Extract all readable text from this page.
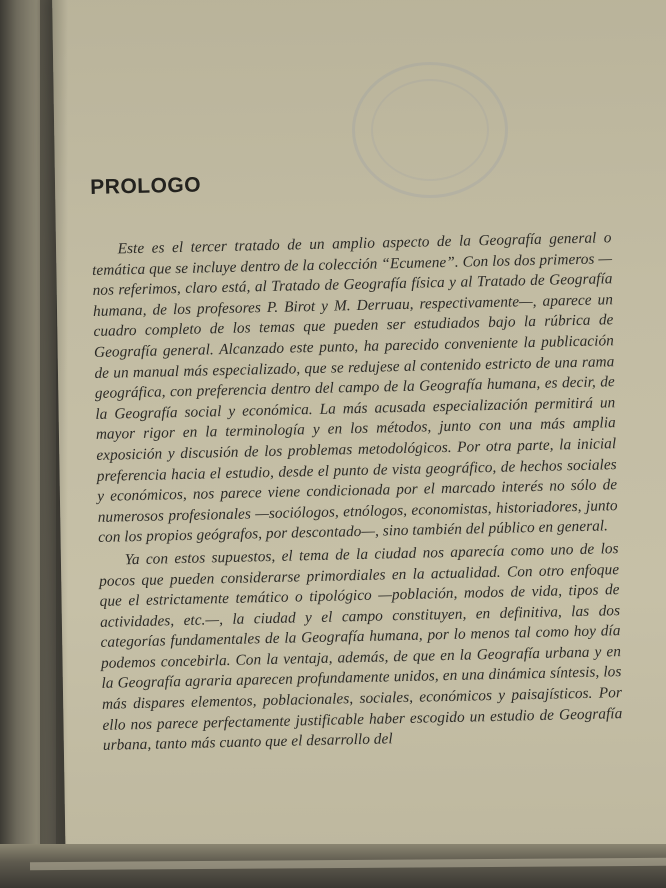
PROLOGO

Este es el tercer tratado de un amplio aspecto de la Geografía general o temática que se incluye dentro de la colección “Ecumene”. Con los dos primeros —nos referimos, claro está, al Tratado de Geografía física y al Tratado de Geografía humana, de los profesores P. Birot y M. Derruau, respectivamente—, aparece un cuadro completo de los temas que pueden ser estudiados bajo la rúbrica de Geografía general. Alcanzado este punto, ha parecido conveniente la publicación de un manual más especializado, que se redujese al contenido estricto de una rama geográfica, con preferencia dentro del campo de la Geografía humana, es decir, de la Geografía social y económica. La más acusada especialización permitirá un mayor rigor en la terminología y en los métodos, junto con una más amplia exposición y discusión de los problemas metodológicos. Por otra parte, la inicial preferencia hacia el estudio, desde el punto de vista geográfico, de hechos sociales y económicos, nos parece viene condicionada por el marcado interés no sólo de numerosos profesionales —sociólogos, etnólogos, economistas, historiadores, junto con los propios geógrafos, por descontado—, sino también del público en general.

Ya con estos supuestos, el tema de la ciudad nos aparecía como uno de los pocos que pueden considerarse primordiales en la actualidad. Con otro enfoque que el estrictamente temático o tipológico —población, modos de vida, tipos de actividades, etc.—, la ciudad y el campo constituyen, en definitiva, las dos categorías fundamentales de la Geografía humana, por lo menos tal como hoy día podemos concebirla. Con la ventaja, además, de que en la Geografía urbana y en la Geografía agraria aparecen profundamente unidos, en una dinámica síntesis, los más dispares elementos, poblacionales, sociales, económicos y paisajísticos. Por ello nos parece perfectamente justificable haber escogido un estudio de Geografía urbana, tanto más cuanto que el desarrollo del
